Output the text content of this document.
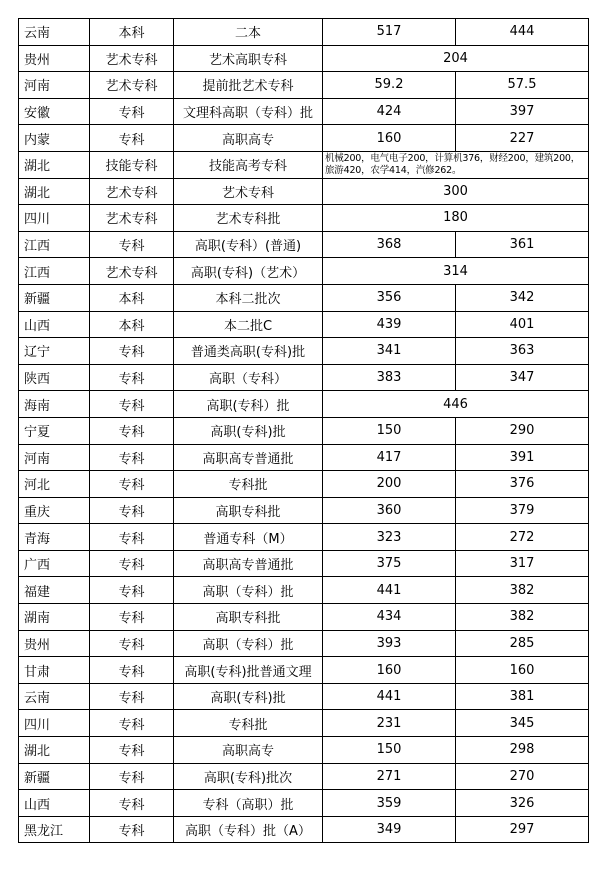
云南	本科	二本	517	444
贵州	艺术专科	艺术高职专科	204	
河南	艺术专科	提前批艺术专科	59.2	57.5
安徽	专科	文理科高职（专科）批	424	397
内蒙	专科	高职高专	160	227
湖北	技能专科	技能高考专科	机械200，电气电子200，计算机376，财经200，建筑200，旅游420，农学414，汽修262。	
湖北	艺术专科	艺术专科	300	
四川	艺术专科	艺术专科批	180	
江西	专科	高职(专科）(普通)	368	361
江西	艺术专科	高职(专科)（艺术）	314	
新疆	本科	本科二批次	356	342
山西	本科	本二批C	439	401
辽宁	专科	普通类高职(专科)批	341	363
陕西	专科	高职（专科）	383	347
海南	专科	高职(专科）批	446	
宁夏	专科	高职(专科)批	150	290
河南	专科	高职高专普通批	417	391
河北	专科	专科批	200	376
重庆	专科	高职专科批	360	379
青海	专科	普通专科（M）	323	272
广西	专科	高职高专普通批	375	317
福建	专科	高职（专科）批	441	382
湖南	专科	高职专科批	434	382
贵州	专科	高职（专科）批	393	285
甘肃	专科	高职(专科)批普通文理	160	160
云南	专科	高职(专科)批	441	381
四川	专科	专科批	231	345
湖北	专科	高职高专	150	298
新疆	专科	高职(专科)批次	271	270
山西	专科	专科（高职）批	359	326
黑龙江	专科	高职（专科）批（A）	349	297
